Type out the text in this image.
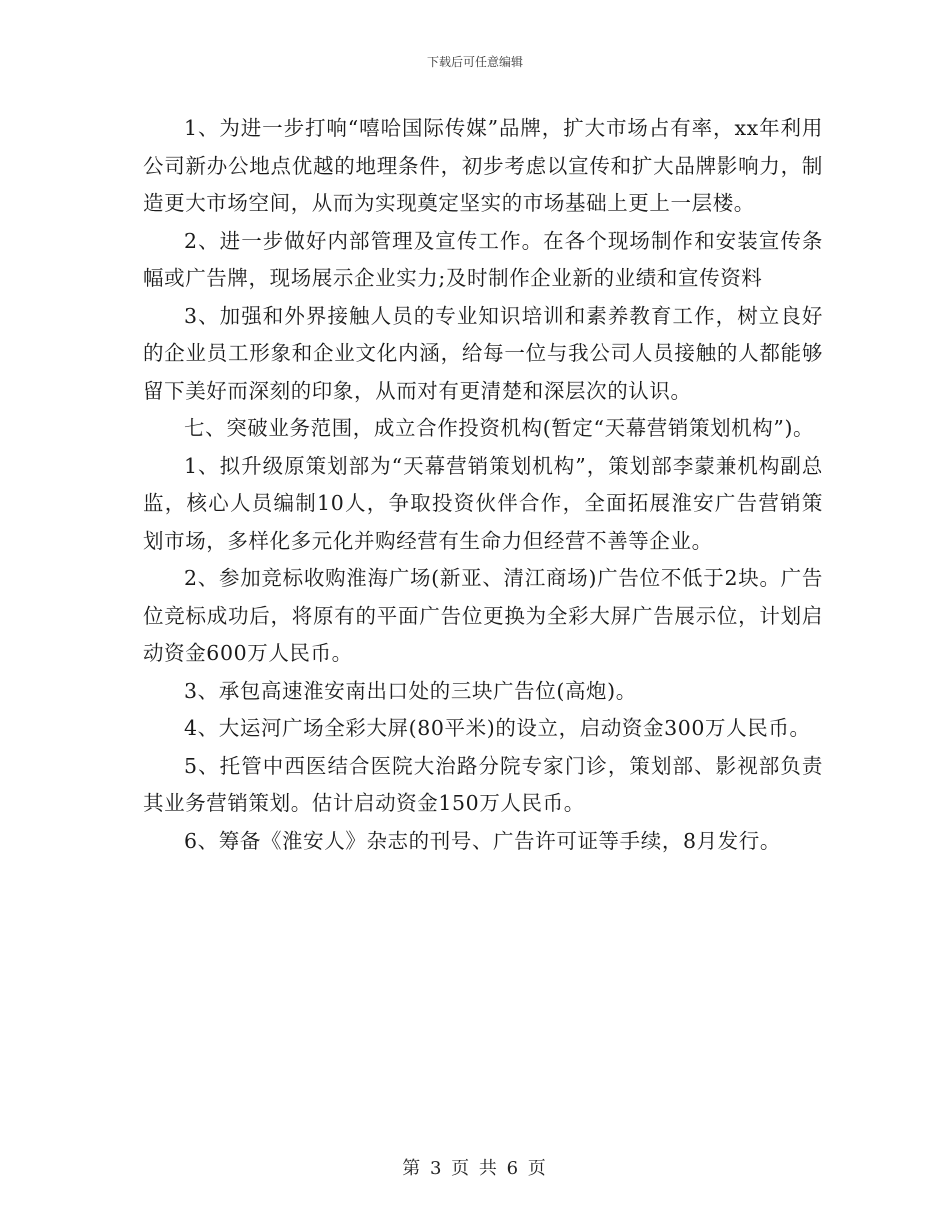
下载后可任意编辑

1、为进一步打响“嘻哈国际传媒”品牌，扩大市场占有率，xx年利用公司新办公地点优越的地理条件，初步考虑以宣传和扩大品牌影响力，制造更大市场空间，从而为实现奠定坚实的市场基础上更上一层楼。

2、进一步做好内部管理及宣传工作。在各个现场制作和安装宣传条幅或广告牌，现场展示企业实力;及时制作企业新的业绩和宣传资料

3、加强和外界接触人员的专业知识培训和素养教育工作，树立良好的企业员工形象和企业文化内涵，给每一位与我公司人员接触的人都能够留下美好而深刻的印象，从而对有更清楚和深层次的认识。

七、突破业务范围，成立合作投资机构(暂定“天幕营销策划机构”)。

1、拟升级原策划部为“天幕营销策划机构”，策划部李蒙兼机构副总监，核心人员编制10人，争取投资伙伴合作，全面拓展淮安广告营销策划市场，多样化多元化并购经营有生命力但经营不善等企业。

2、参加竞标收购淮海广场(新亚、清江商场)广告位不低于2块。广告位竞标成功后，将原有的平面广告位更换为全彩大屏广告展示位，计划启动资金600万人民币。

3、承包高速淮安南出口处的三块广告位(高炮)。

4、大运河广场全彩大屏(80平米)的设立，启动资金300万人民币。

5、托管中西医结合医院大治路分院专家门诊，策划部、影视部负责其业务营销策划。估计启动资金150万人民币。

6、筹备《淮安人》杂志的刊号、广告许可证等手续，8月发行。

第 3 页 共 6 页
